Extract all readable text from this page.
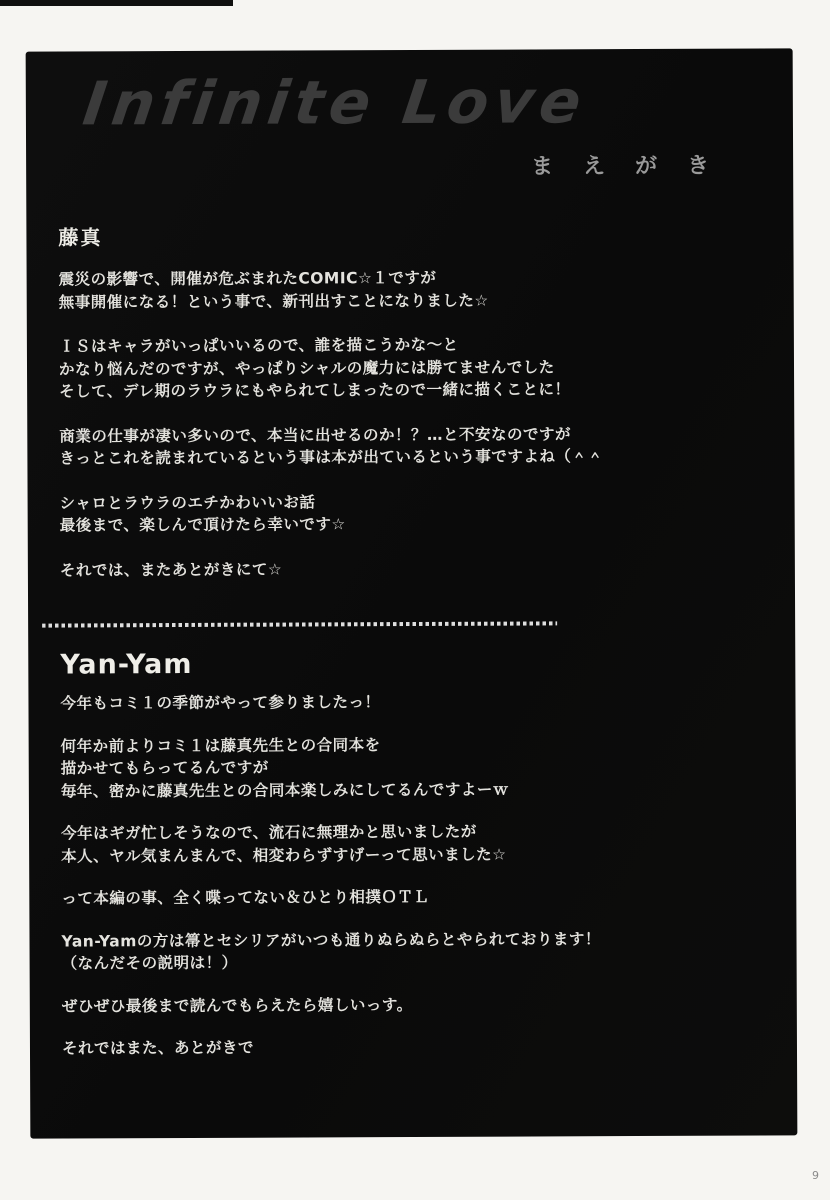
Infinite Love
まえがき
藤真
震災の影響で、開催が危ぶまれたCOMIC☆１ですが
無事開催になる！という事で、新刊出すことになりました☆
ＩＳはキャラがいっぱいいるので、誰を描こうかな～と
かなり悩んだのですが、やっぱりシャルの魔力には勝てませんでした
そして、デレ期のラウラにもやられてしまったので一緒に描くことに！
商業の仕事が凄い多いので、本当に出せるのか！？…と不安なのですが
きっとこれを読まれているという事は本が出ているという事ですよね（＾＾
シャロとラウラのエチかわいいお話
最後まで、楽しんで頂けたら幸いです☆
それでは、またあとがきにて☆
Yan-Yam
今年もコミ１の季節がやって参りましたっ！
何年か前よりコミ１は藤真先生との合同本を
描かせてもらってるんですが
毎年、密かに藤真先生との合同本楽しみにしてるんですよーｗ
今年はギガ忙しそうなので、流石に無理かと思いましたが
本人、ヤル気まんまんで、相変わらずすげーって思いました☆
って本編の事、全く喋ってない＆ひとり相撲ＯＴＬ
Yan-Yamの方は箒とセシリアがいつも通りぬらぬらとやられております！
（なんだその説明は！）
ぜひぜひ最後まで読んでもらえたら嬉しいっす。
それではまた、あとがきで
9
